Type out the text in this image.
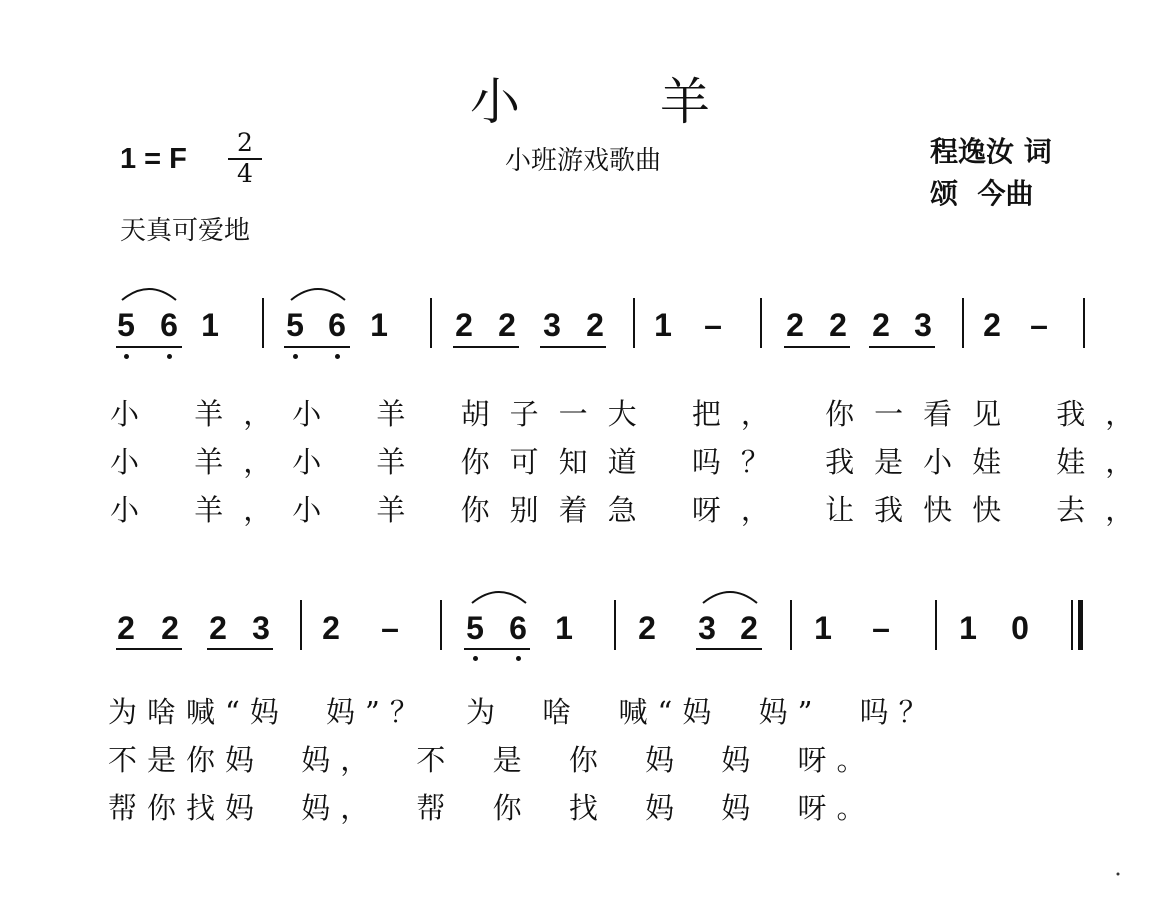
小 羊
小班游戏歌曲	程逸汝 词
颂  今曲
1 = F
2
4
天真可爱地
5 6 1 5 6 1 2 2 3 2 1 – 2 2 2 3 2 –
小 羊，小 羊 胡子一大 把， 你一看见 我，
小 羊，小 羊 你可知道 吗？ 我是小娃 娃，
小 羊，小 羊 你别着急 呀， 让我快快 去，
2 2 2 3 2 – 5 6 1 2 3 2 1 – 1 0
为啥喊“妈 妈”？ 为 啥 喊“妈 妈” 吗？
不是你妈 妈， 不 是 你 妈 妈 呀。
帮你找妈 妈， 帮 你 找 妈 妈 呀。
